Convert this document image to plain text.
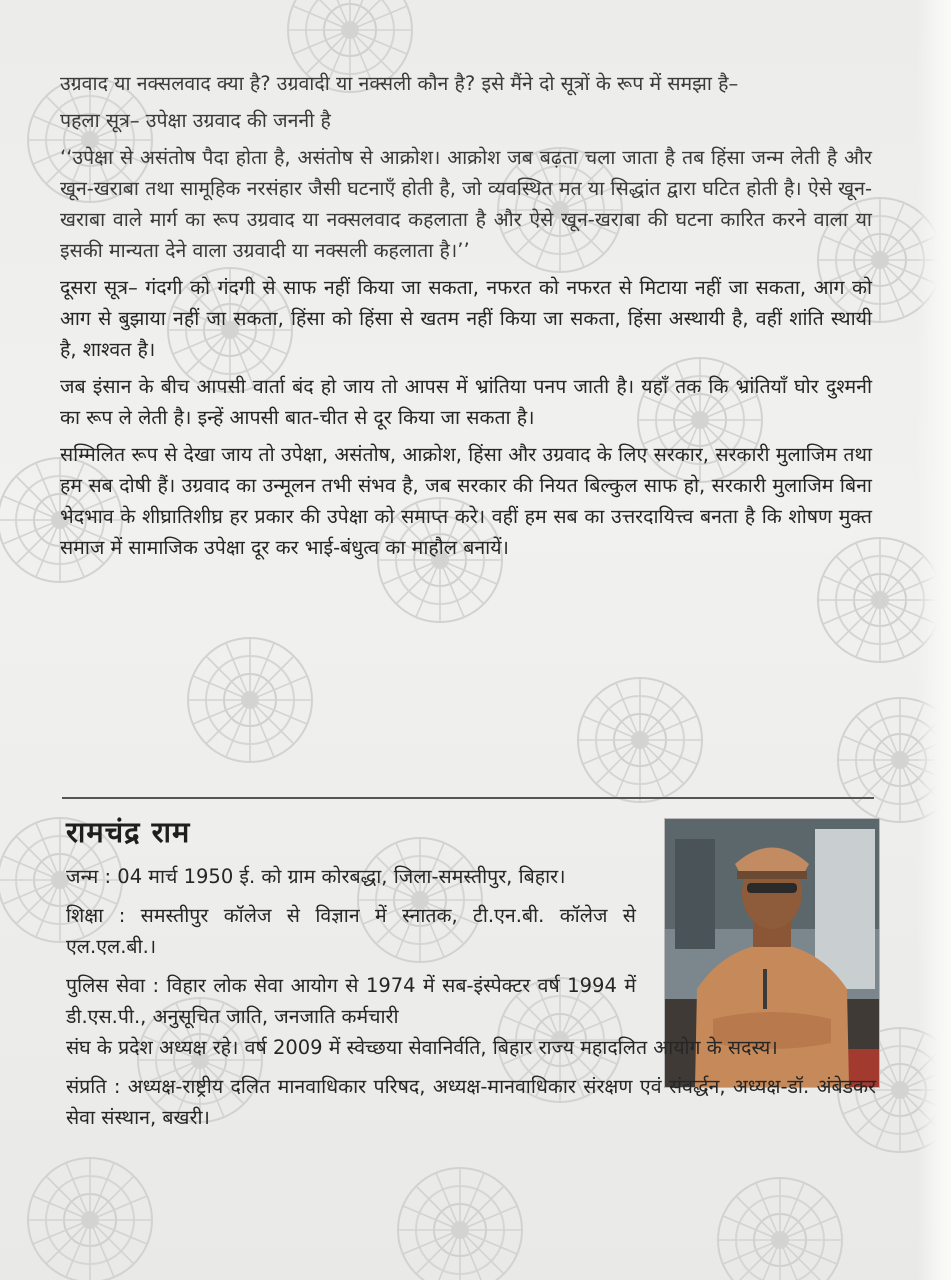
उग्रवाद या नक्सलवाद क्या है? उग्रवादी या नक्सली कौन है? इसे मैंने दो सूत्रों के रूप में समझा है–

पहला सूत्र– उपेक्षा उग्रवाद की जननी है

‘‘उपेक्षा से असंतोष पैदा होता है, असंतोष से आक्रोश। आक्रोश जब बढ़ता चला जाता है तब हिंसा जन्म लेती है और खून-खराबा तथा सामूहिक नरसंहार जैसी घटनाएँ होती है, जो व्यवस्थित मत या सिद्धांत द्वारा घटित होती है। ऐसे खून-खराबा वाले मार्ग का रूप उग्रवाद या नक्सलवाद कहलाता है और ऐसे खून-खराबा की घटना कारित करने वाला या इसकी मान्यता देने वाला उग्रवादी या नक्सली कहलाता है।’’

दूसरा सूत्र– गंदगी को गंदगी से साफ नहीं किया जा सकता, नफरत को नफरत से मिटाया नहीं जा सकता, आग को आग से बुझाया नहीं जा सकता, हिंसा को हिंसा से खतम नहीं किया जा सकता, हिंसा अस्थायी है, वहीं शांति स्थायी है, शाश्वत है।

जब इंसान के बीच आपसी वार्ता बंद हो जाय तो आपस में भ्रांतिया पनप जाती है। यहाँ तक कि भ्रांतियाँ घोर दुश्मनी का रूप ले लेती है। इन्हें आपसी बात-चीत से दूर किया जा सकता है।

सम्मिलित रूप से देखा जाय तो उपेक्षा, असंतोष, आक्रोश, हिंसा और उग्रवाद के लिए सरकार, सरकारी मुलाजिम तथा हम सब दोषी हैं। उग्रवाद का उन्मूलन तभी संभव है, जब सरकार की नियत बिल्कुल साफ हो, सरकारी मुलाजिम बिना भेदभाव के शीघ्रातिशीघ्र हर प्रकार की उपेक्षा को समाप्त करे। वहीं हम सब का उत्तरदायित्त्व बनता है कि शोषण मुक्त समाज में सामाजिक उपेक्षा दूर कर भाई-बंधुत्व का माहौल बनायें।

रामचंद्र राम

जन्म : 04 मार्च 1950 ई. को ग्राम कोरबद्धा, जिला-समस्तीपुर, बिहार।

शिक्षा : समस्तीपुर कॉलेज से विज्ञान में स्नातक, टी.एन.बी. कॉलेज से एल.एल.बी.।

पुलिस सेवा : विहार लोक सेवा आयोग से 1974 में सब-इंस्पेक्टर वर्ष 1994 में डी.एस.पी., अनुसूचित जाति, जनजाति कर्मचारी

संघ के प्रदेश अध्यक्ष रहे। वर्ष 2009 में स्वेच्छया सेवानिर्वति, बिहार राज्य महादलित आयोग के सदस्य।

संप्रति : अध्यक्ष-राष्ट्रीय दलित मानवाधिकार परिषद, अध्यक्ष-मानवाधिकार संरक्षण एवं संवर्द्धन, अध्यक्ष-डॉ. अंबेडकर सेवा संस्थान, बखरी।
